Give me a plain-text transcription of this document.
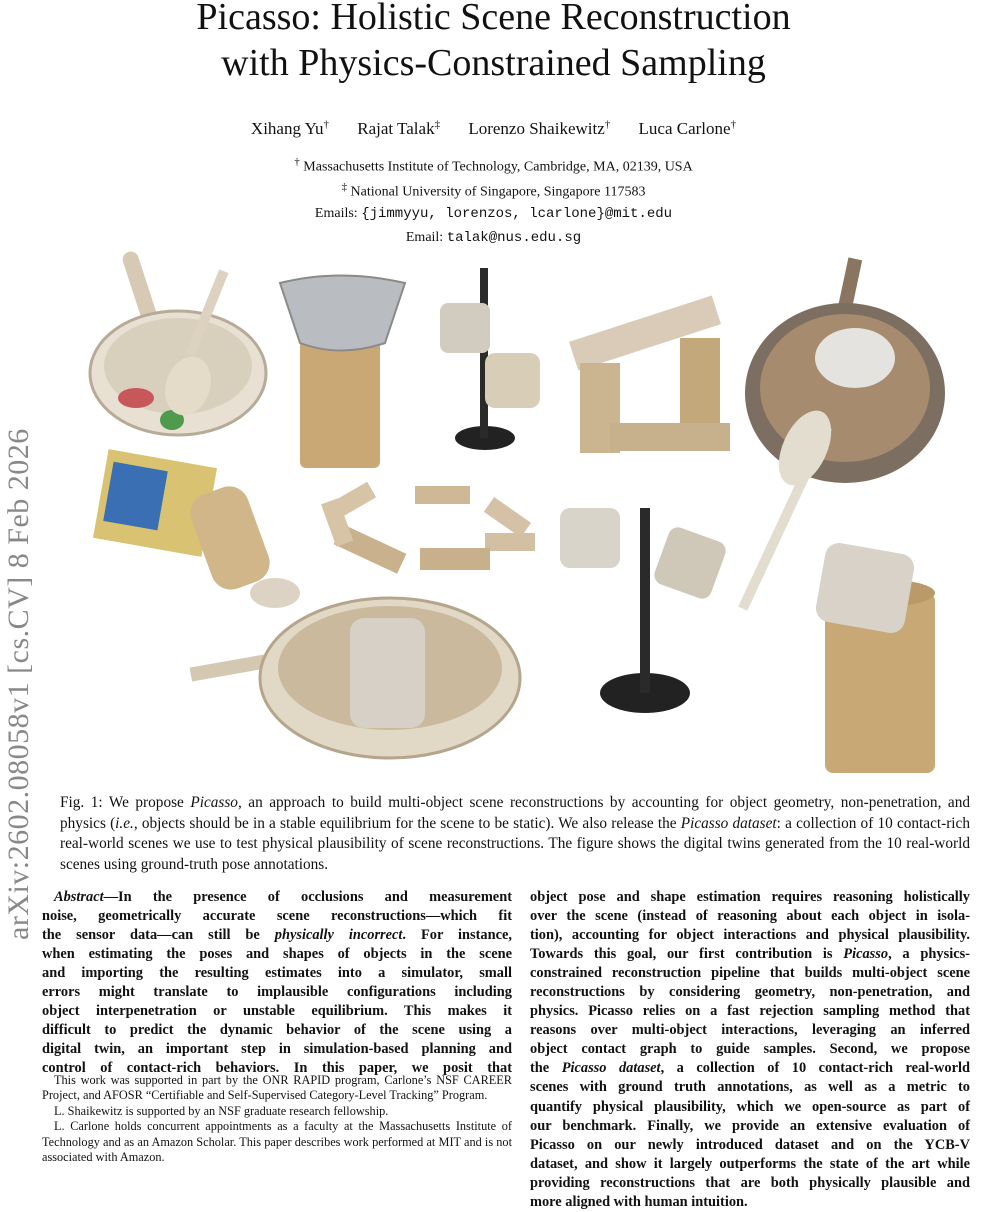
Picasso: Holistic Scene Reconstruction
with Physics-Constrained Sampling
Xihang Yu† Rajat Talak‡ Lorenzo Shaikewitz† Luca Carlone†
† Massachusetts Institute of Technology, Cambridge, MA, 02139, USA
‡ National University of Singapore, Singapore 117583
Emails: {jimmyyu, lorenzos, lcarlone}@mit.edu
Email: talak@nus.edu.sg
arXiv:2602.08058v1 [cs.CV] 8 Feb 2026 Fig. 1: We propose Picasso, an approach to build multi-object scene reconstructions by accounting for object geometry, non-penetration, and physics (i.e., objects should be in a stable equilibrium for the scene to be static). We also release the Picasso dataset: a collection of 10 contact-rich real-world scenes we use to test physical plausibility of scene reconstructions. The figure shows the digital twins generated from the 10 real-world scenes using ground-truth pose annotations.
Abstract—In the presence of occlusions and measurement
noise, geometrically accurate scene reconstructions—which fit
the sensor data—can still be physically incorrect. For instance,
when estimating the poses and shapes of objects in the scene
and importing the resulting estimates into a simulator, small
errors might translate to implausible configurations including
object interpenetration or unstable equilibrium. This makes it
difficult to predict the dynamic behavior of the scene using a
digital twin, an important step in simulation-based planning and
control of contact-rich behaviors. In this paper, we posit that
object pose and shape estimation requires reasoning holistically
over the scene (instead of reasoning about each object in isola-
tion), accounting for object interactions and physical plausibility.
Towards this goal, our first contribution is Picasso, a physics-
constrained reconstruction pipeline that builds multi-object scene
reconstructions by considering geometry, non-penetration, and
physics. Picasso relies on a fast rejection sampling method that
reasons over multi-object interactions, leveraging an inferred
object contact graph to guide samples. Second, we propose
the Picasso dataset, a collection of 10 contact-rich real-world
scenes with ground truth annotations, as well as a metric to
quantify physical plausibility, which we open-source as part of
our benchmark. Finally, we provide an extensive evaluation of
Picasso on our newly introduced dataset and on the YCB-V
dataset, and show it largely outperforms the state of the art while
providing reconstructions that are both physically plausible and
more aligned with human intuition.

This work was supported in part by the ONR RAPID program, Carlone’s NSF CAREER Project, and AFOSR “Certifiable and Self-Supervised Category-Level Tracking” Program.

L. Shaikewitz is supported by an NSF graduate research fellowship.

L. Carlone holds concurrent appointments as a faculty at the Massachusetts Institute of Technology and as an Amazon Scholar. This paper describes work performed at MIT and is not associated with Amazon.
